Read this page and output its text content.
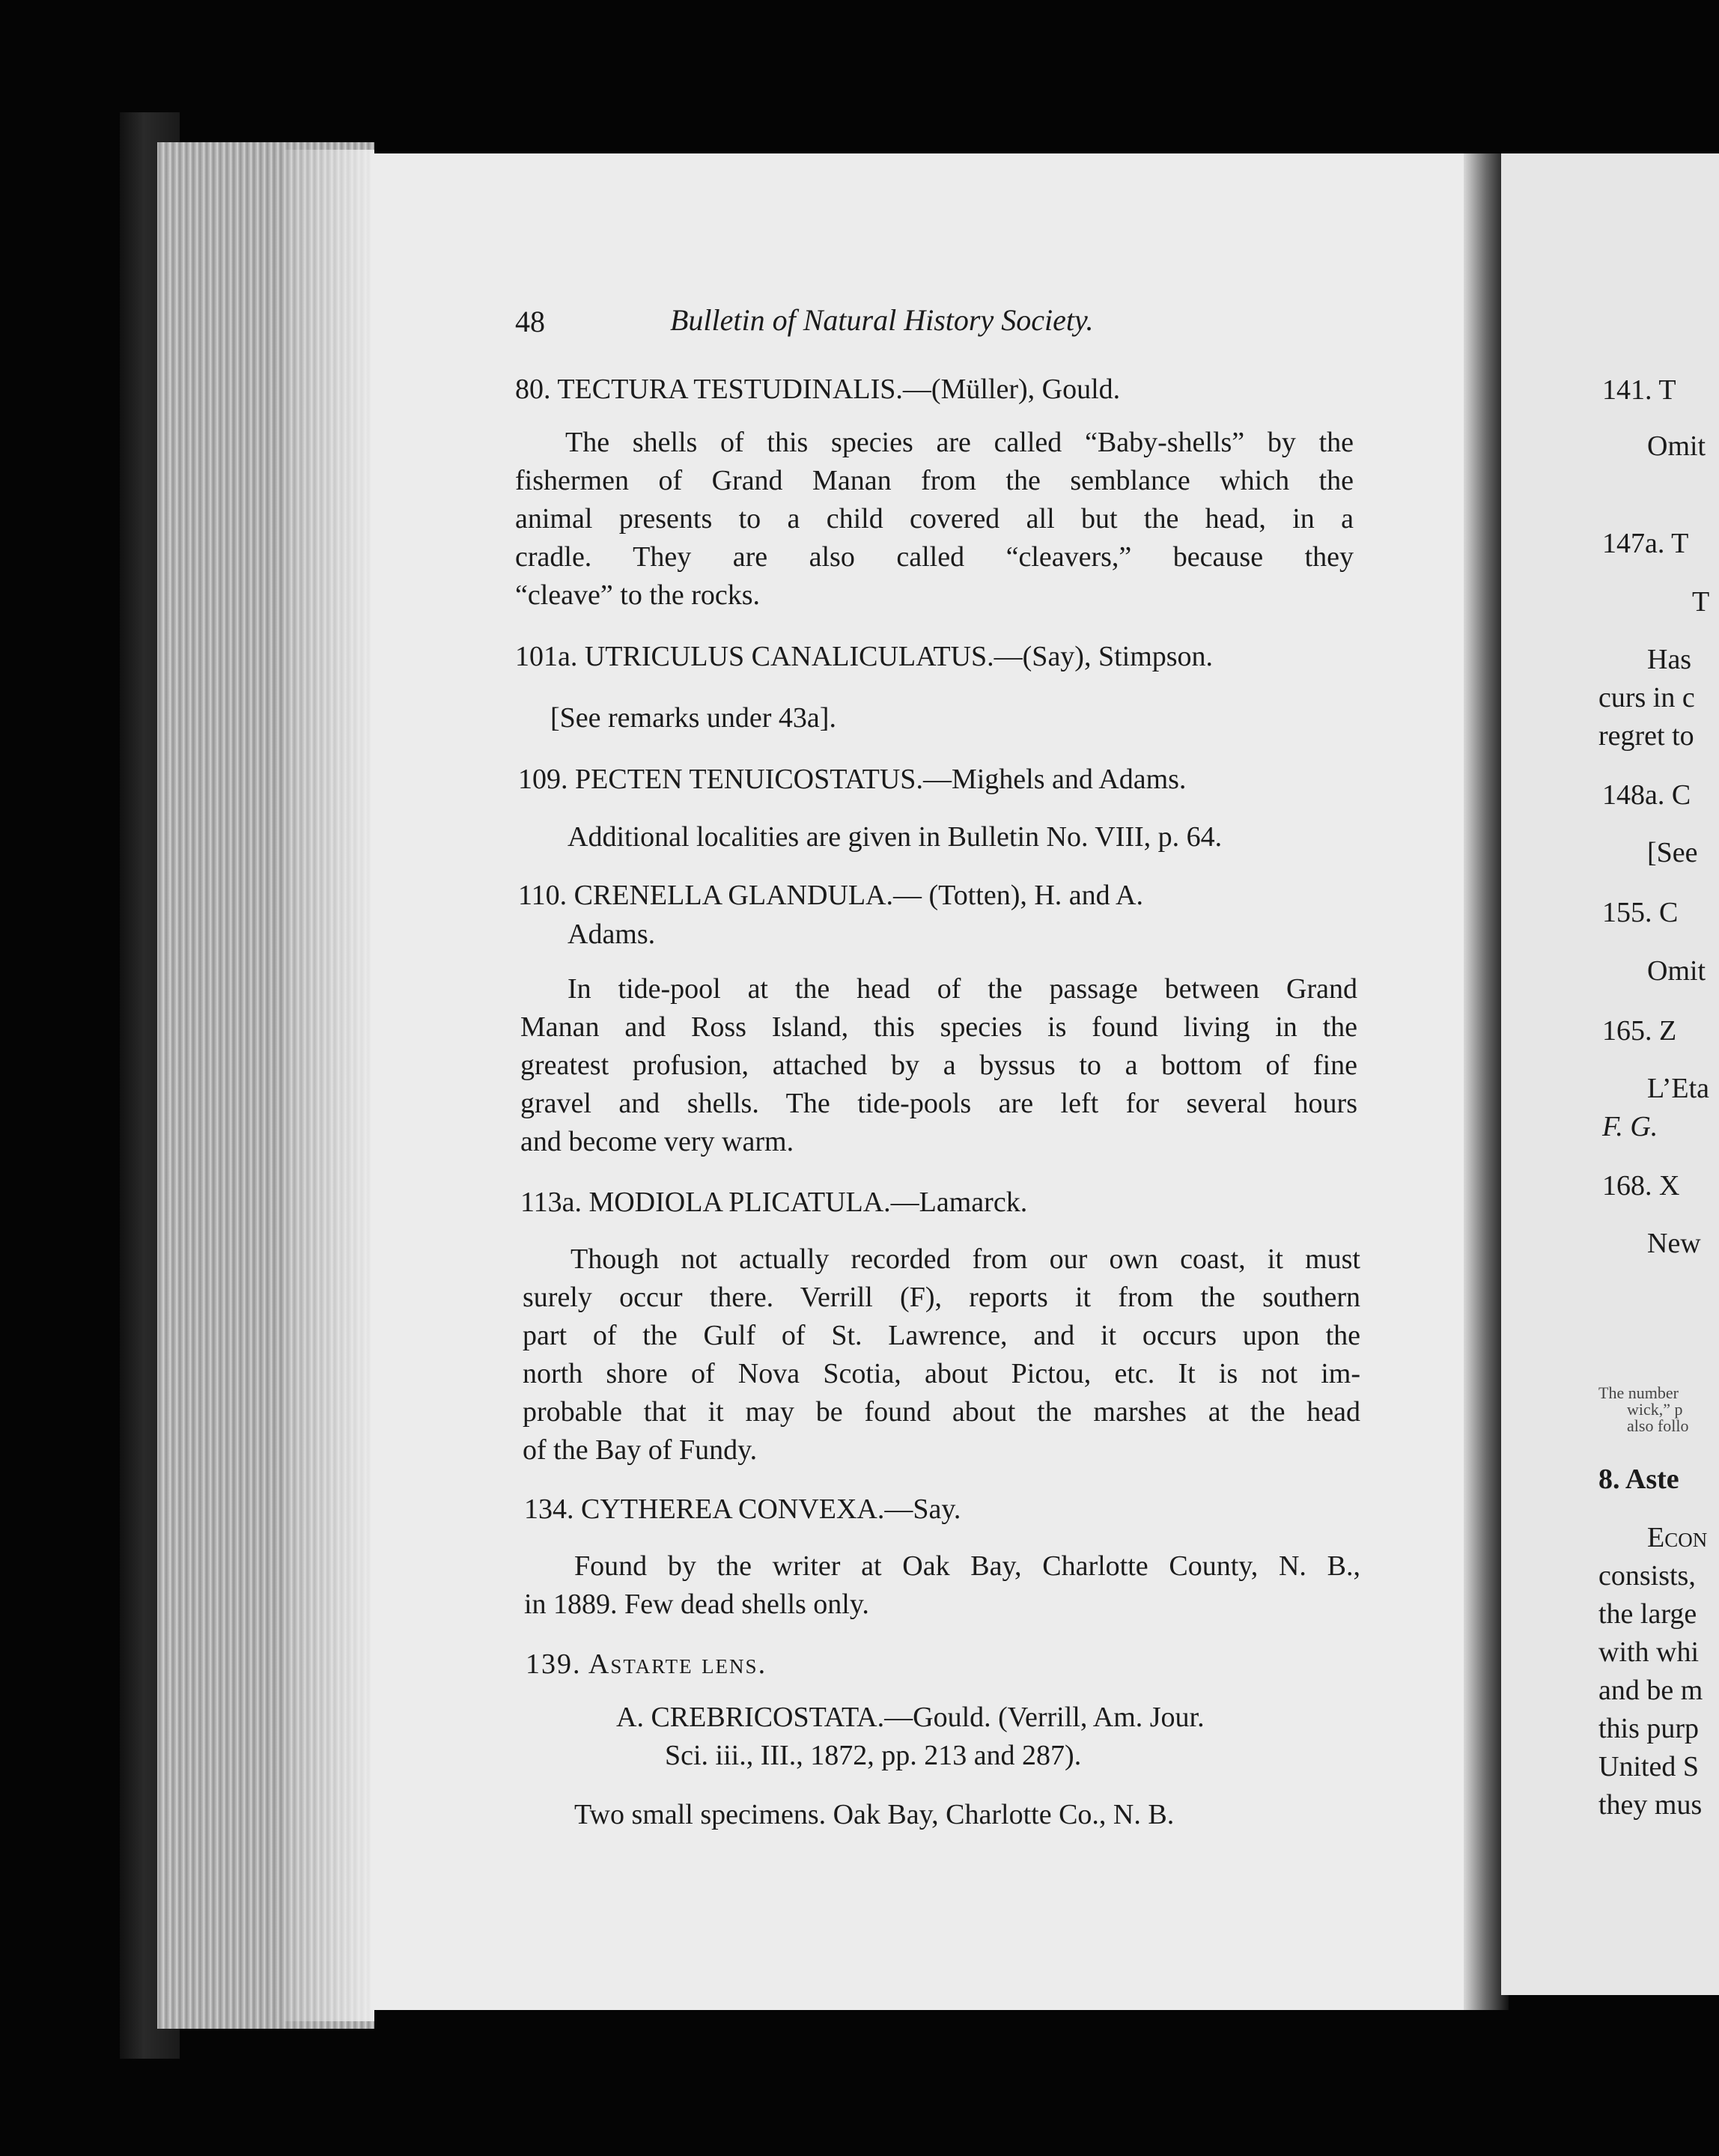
48	Bulletin of Natural History Society.
80. TECTURA TESTUDINALIS.—(Müller), Gould.
The shells of this species are called “Baby-shells” by the
fishermen of Grand Manan from the semblance which the
animal presents to a child covered all but the head, in a
cradle. They are also called “cleavers,” because they
“cleave” to the rocks.
101a. UTRICULUS CANALICULATUS.—(Say), Stimpson.
[See remarks under 43a].
109. PECTEN TENUICOSTATUS.—Mighels and Adams.
Additional localities are given in Bulletin No. VIII, p. 64.
110. CRENELLA GLANDULA.— (Totten), H. and A.
Adams.
In tide-pool at the head of the passage between Grand
Manan and Ross Island, this species is found living in the
greatest profusion, attached by a byssus to a bottom of fine
gravel and shells. The tide-pools are left for several hours
and become very warm.
113a. MODIOLA PLICATULA.—Lamarck.
Though not actually recorded from our own coast, it must
surely occur there. Verrill (F), reports it from the southern
part of the Gulf of St. Lawrence, and it occurs upon the
north shore of Nova Scotia, about Pictou, etc. It is not im-
probable that it may be found about the marshes at the head
of the Bay of Fundy.
134. CYTHEREA CONVEXA.—Say.
Found by the writer at Oak Bay, Charlotte County, N. B.,
in 1889. Few dead shells only.
139. Astarte lens.
A. CREBRICOSTATA.—Gould. (Verrill, Am. Jour.
Sci. iii., III., 1872, pp. 213 and 287).
Two small specimens. Oak Bay, Charlotte Co., N. B.
141. T
Omit
147a. T
T
Has
curs in c
regret to
148a. C
[See
155. C
Omit
165. Z
L’Eta
F. G.
168. X
New
The number
wick,” p
also follo
8. Aste
Econ
consists,
the large
with whi
and be m
this purp
United S
they mus
